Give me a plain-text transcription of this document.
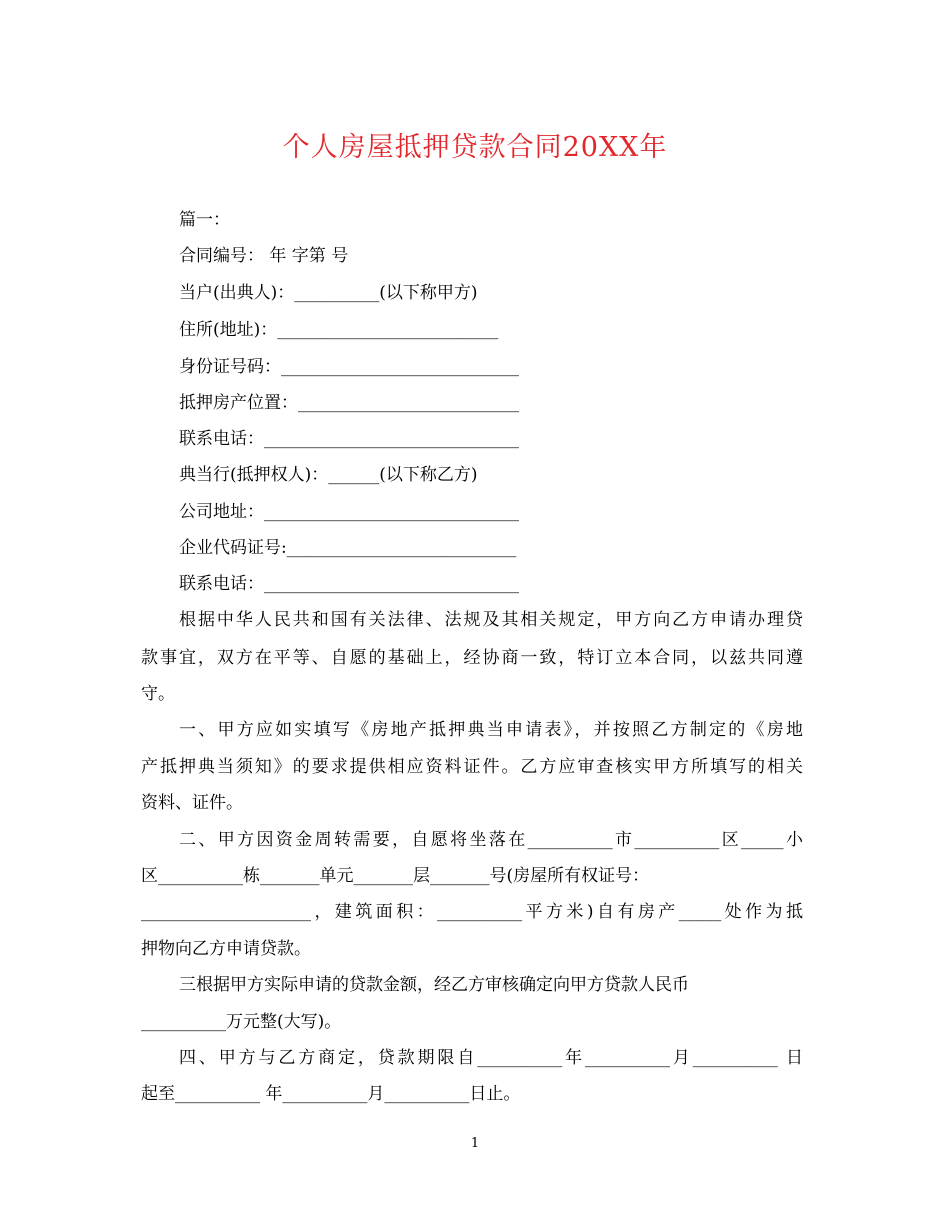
个人房屋抵押贷款合同20XX年
篇一：
合同编号： 年 字第 号
当户(出典人)：__________(以下称甲方)
住所(地址)：__________________________
身份证号码：____________________________
抵押房产位置：__________________________
联系电话：______________________________
典当行(抵押权人)：______(以下称乙方)
公司地址：______________________________
企业代码证号:___________________________
联系电话：______________________________
根据中华人民共和国有关法律、法规及其相关规定，甲方向乙方申请办理贷
款事宜，双方在平等、自愿的基础上，经协商一致，特订立本合同，以兹共同遵
守。
一、甲方应如实填写《房地产抵押典当申请表》，并按照乙方制定的《房地
产抵押典当须知》的要求提供相应资料证件。乙方应审查核实甲方所填写的相关
资料、证件。
二、甲方因资金周转需要，自愿将坐落在__________市__________区_____小
区__________栋_______单元_______层_______号(房屋所有权证号：
____________________，建筑面积：__________平方米)自有房产_____处作为抵
押物向乙方申请贷款。
三根据甲方实际申请的贷款金额，经乙方审核确定向甲方贷款人民币
__________万元整(大写)。
四、甲方与乙方商定，贷款期限自__________年__________月__________ 日
起至__________ 年__________月__________日止。
1
